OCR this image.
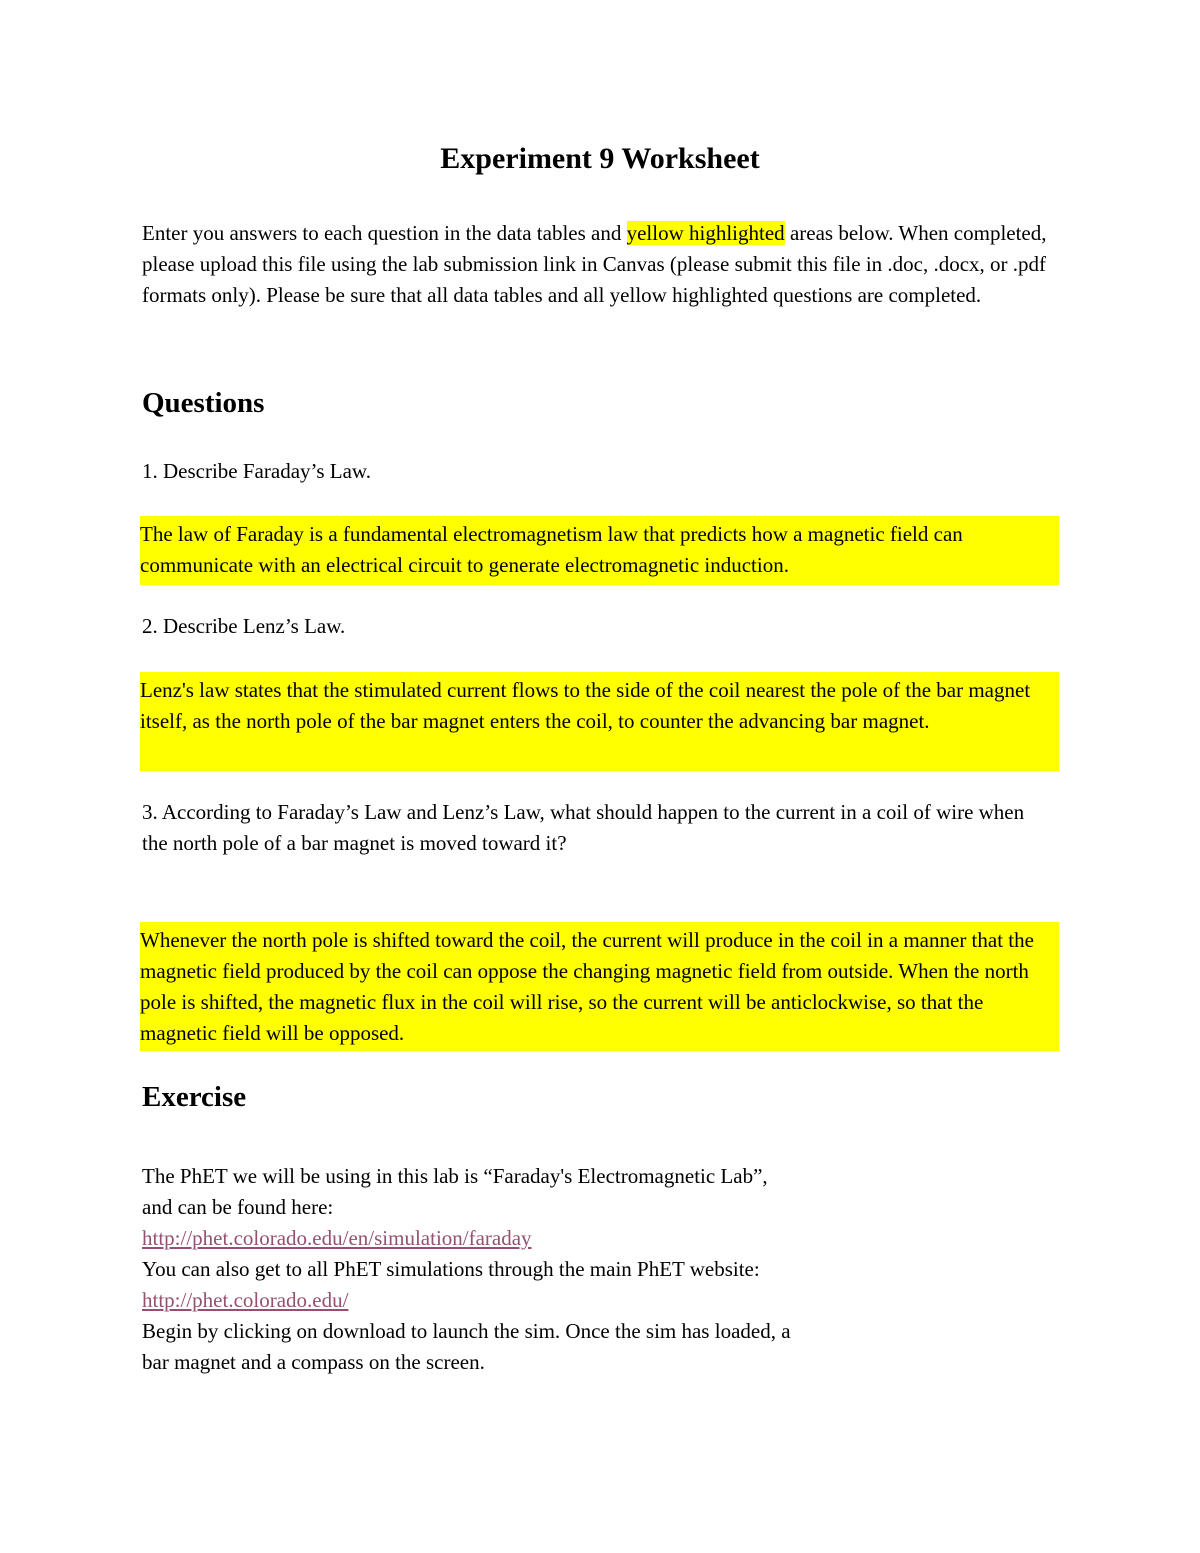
Experiment 9 Worksheet

Enter you answers to each question in the data tables and yellow highlighted areas below. When completed, please upload this file using the lab submission link in Canvas (please submit this file in .doc, .docx, or .pdf formats only). Please be sure that all data tables and all yellow highlighted questions are completed.

Questions

1. Describe Faraday’s Law.

The law of Faraday is a fundamental electromagnetism law that predicts how a magnetic field can communicate with an electrical circuit to generate electromagnetic induction.

2. Describe Lenz’s Law.

Lenz's law states that the stimulated current flows to the side of the coil nearest the pole of the bar magnet itself, as the north pole of the bar magnet enters the coil, to counter the advancing bar magnet.

3. According to Faraday’s Law and Lenz’s Law, what should happen to the current in a coil of wire when the north pole of a bar magnet is moved toward it?

Whenever the north pole is shifted toward the coil, the current will produce in the coil in a manner that the magnetic field produced by the coil can oppose the changing magnetic field from outside. When the north pole is shifted, the magnetic flux in the coil will rise, so the current will be anticlockwise, so that the magnetic field will be opposed.
Exercise

The PhET we will be using in this lab is “Faraday's Electromagnetic Lab”, and can be found here:

http://phet.colorado.edu/en/simulation/faraday

You can also get to all PhET simulations through the main PhET website:

http://phet.colorado.edu/

Begin by clicking on download to launch the sim. Once the sim has loaded, a bar magnet and a compass on the screen.
